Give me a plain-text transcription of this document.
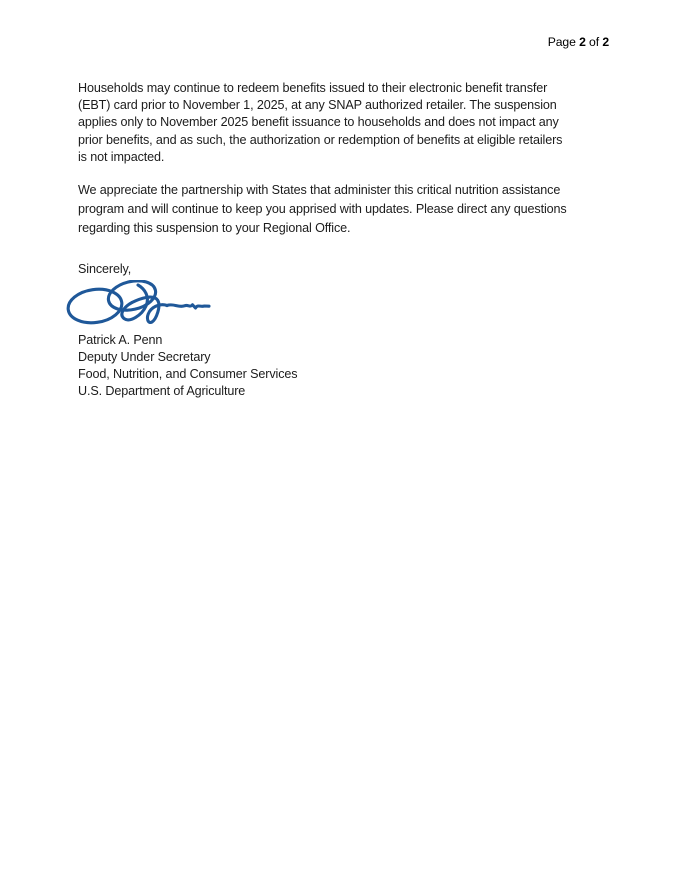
Page 2 of 2
Households may continue to redeem benefits issued to their electronic benefit transfer
(EBT) card prior to November 1, 2025, at any SNAP authorized retailer. The suspension
applies only to November 2025 benefit issuance to households and does not impact any
prior benefits, and as such, the authorization or redemption of benefits at eligible retailers
is not impacted.
We appreciate the partnership with States that administer this critical nutrition assistance
program and will continue to keep you apprised with updates. Please direct any questions
regarding this suspension to your Regional Office.
Sincerely,
Patrick A. Penn
Deputy Under Secretary
Food, Nutrition, and Consumer Services
U.S. Department of Agriculture
